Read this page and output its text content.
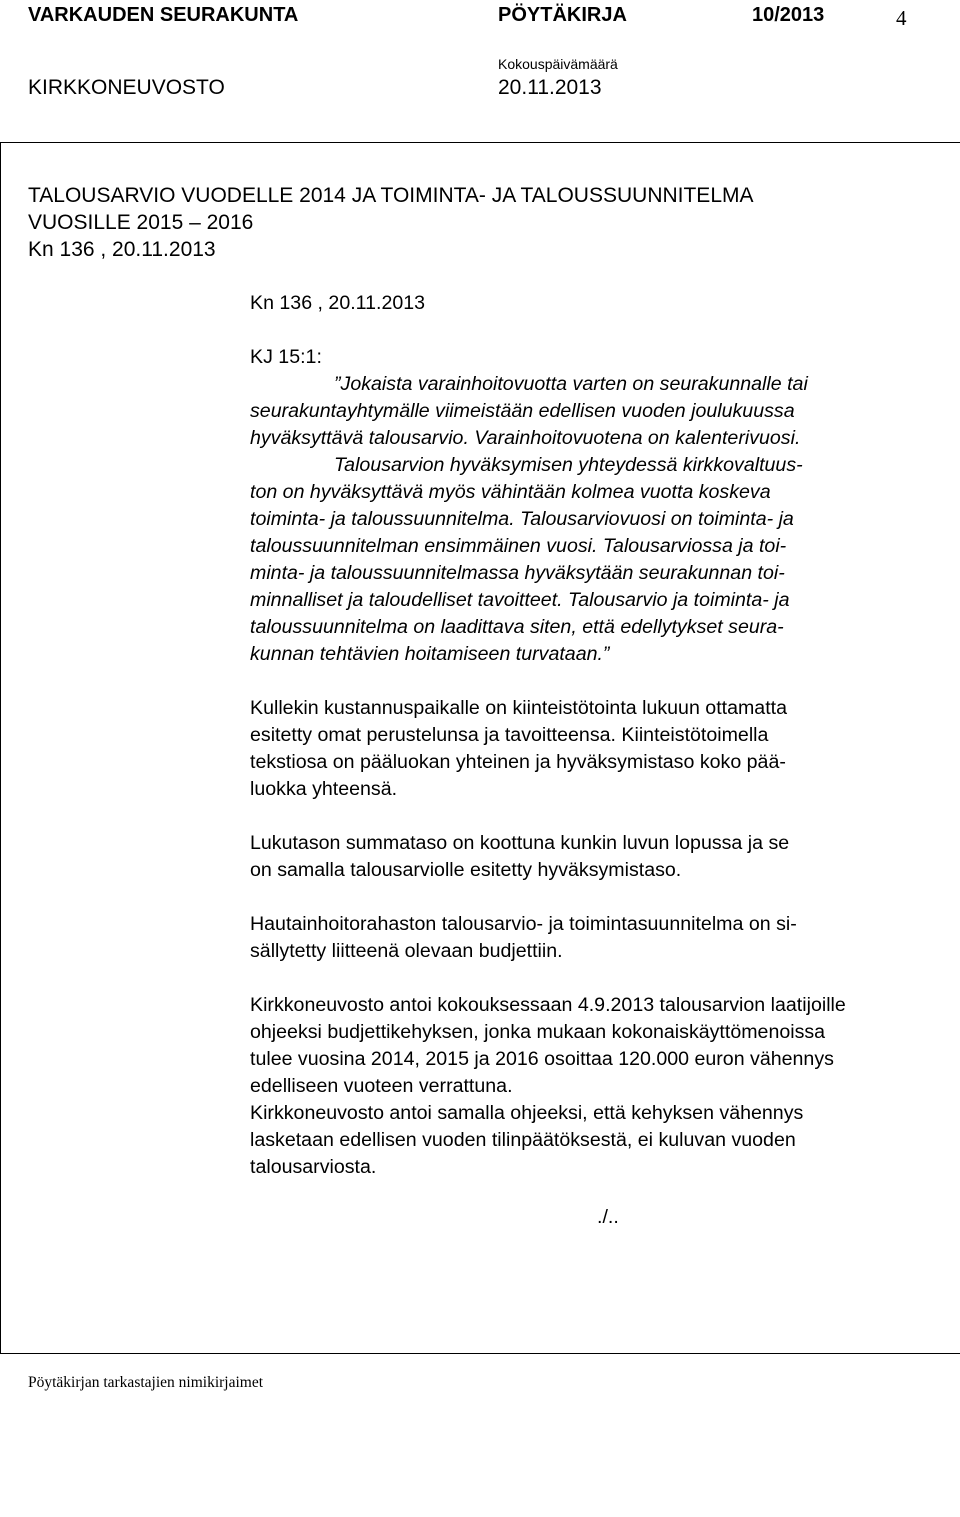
VARKAUDEN SEURAKUNTA	PÖYTÄKIRJA	10/2013	4
Kokouspäivämäärä
KIRKKONEUVOSTO	20.11.2013
TALOUSARVIO VUODELLE 2014 JA TOIMINTA- JA TALOUSSUUNNITELMA
VUOSILLE 2015 – 2016
Kn 136 , 20.11.2013

Kn 136 , 20.11.2013

KJ 15:1:

”Jokaista varainhoitovuotta varten on seurakunnalle tai

seurakuntayhtymälle viimeistään edellisen vuoden joulukuussa

hyväksyttävä talousarvio. Varainhoitovuotena on kalenterivuosi.

Talousarvion hyväksymisen yhteydessä kirkkovaltuus-

ton on hyväksyttävä myös vähintään kolmea vuotta koskeva

toiminta- ja taloussuunnitelma. Talousarviovuosi on toiminta- ja

taloussuunnitelman ensimmäinen vuosi. Talousarviossa ja toi-

minta- ja taloussuunnitelmassa hyväksytään seurakunnan toi-

minnalliset ja taloudelliset tavoitteet. Talousarvio ja toiminta- ja

taloussuunnitelma on laadittava siten, että edellytykset seura-

kunnan tehtävien hoitamiseen turvataan.”

Kullekin kustannuspaikalle on kiinteistötointa lukuun ottamatta

esitetty omat perustelunsa ja tavoitteensa. Kiinteistötoimella

tekstiosa on pääluokan yhteinen ja hyväksymistaso koko pää-

luokka yhteensä.

Lukutason summataso on koottuna kunkin luvun lopussa ja se

on samalla talousarviolle esitetty hyväksymistaso.

Hautainhoitorahaston talousarvio- ja toimintasuunnitelma on si-

sällytetty liitteenä olevaan budjettiin.

Kirkkoneuvosto antoi kokouksessaan 4.9.2013 talousarvion laatijoille

ohjeeksi budjettikehyksen, jonka mukaan kokonaiskäyttömenoissa

tulee vuosina 2014, 2015 ja 2016 osoittaa 120.000 euron vähennys

edelliseen vuoteen verrattuna.

Kirkkoneuvosto antoi samalla ohjeeksi, että kehyksen vähennys

lasketaan edellisen vuoden tilinpäätöksestä, ei kuluvan vuoden

talousarviosta.

./..
Pöytäkirjan tarkastajien nimikirjaimet
